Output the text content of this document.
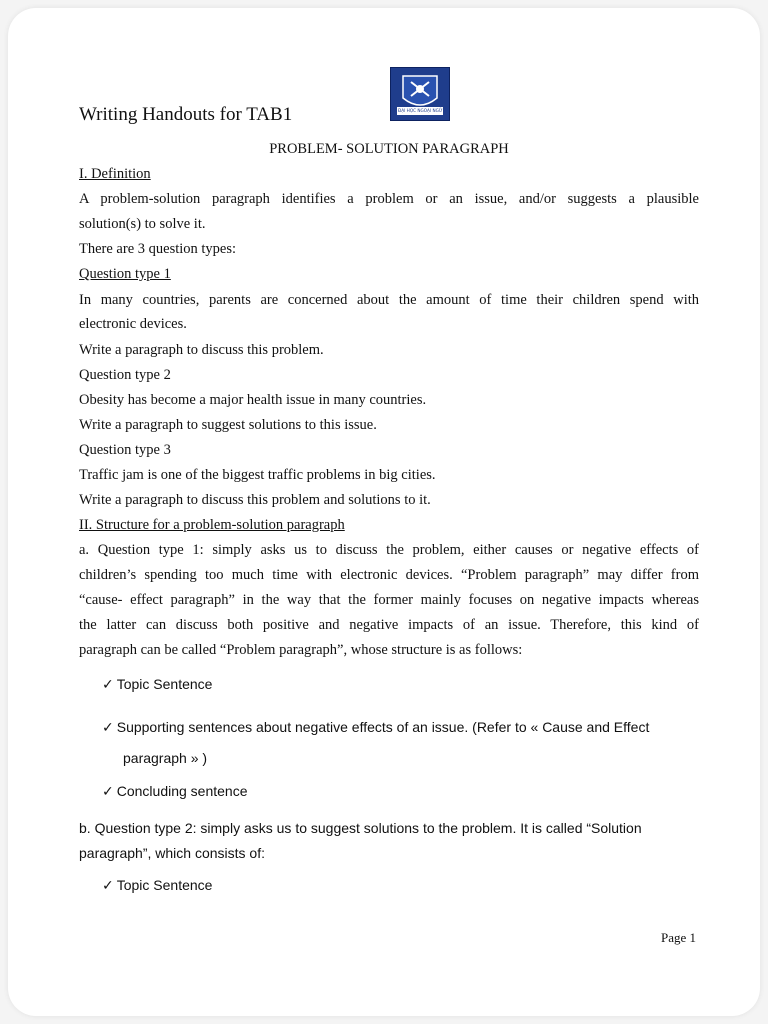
ĐẠI HỌC NGOẠI NGỮ
Writing Handouts for TAB1
PROBLEM- SOLUTION PARAGRAPH
I. Definition
A problem-solution paragraph identifies a problem or an issue, and/or suggests a plausible
solution(s) to solve it.
There are 3 question types:
Question type 1
In many countries, parents are concerned about the amount of time their children spend with
electronic devices.
Write a paragraph to discuss this problem.
Question type 2
Obesity has become a major health issue in many countries.
Write a paragraph to suggest solutions to this issue.
Question type 3
Traffic jam is one of the biggest traffic problems in big cities.
Write a paragraph to discuss this problem and solutions to it.
II. Structure for a problem-solution paragraph
a. Question type 1: simply asks us to discuss the problem, either causes or negative effects of
children’s spending too much time with electronic devices. “Problem paragraph” may differ from
“cause- effect paragraph” in the way that the former mainly focuses on negative impacts whereas
the latter can discuss both positive and negative impacts of an issue. Therefore, this kind of
paragraph can be called “Problem paragraph”, whose structure is as follows:
✓ Topic Sentence
✓ Supporting sentences about negative effects of an issue. (Refer to « Cause and Effect
paragraph » )
✓ Concluding sentence
b. Question type 2: simply asks us to suggest solutions to the problem. It is called “Solution
paragraph”, which consists of:
✓ Topic Sentence
Page 1
